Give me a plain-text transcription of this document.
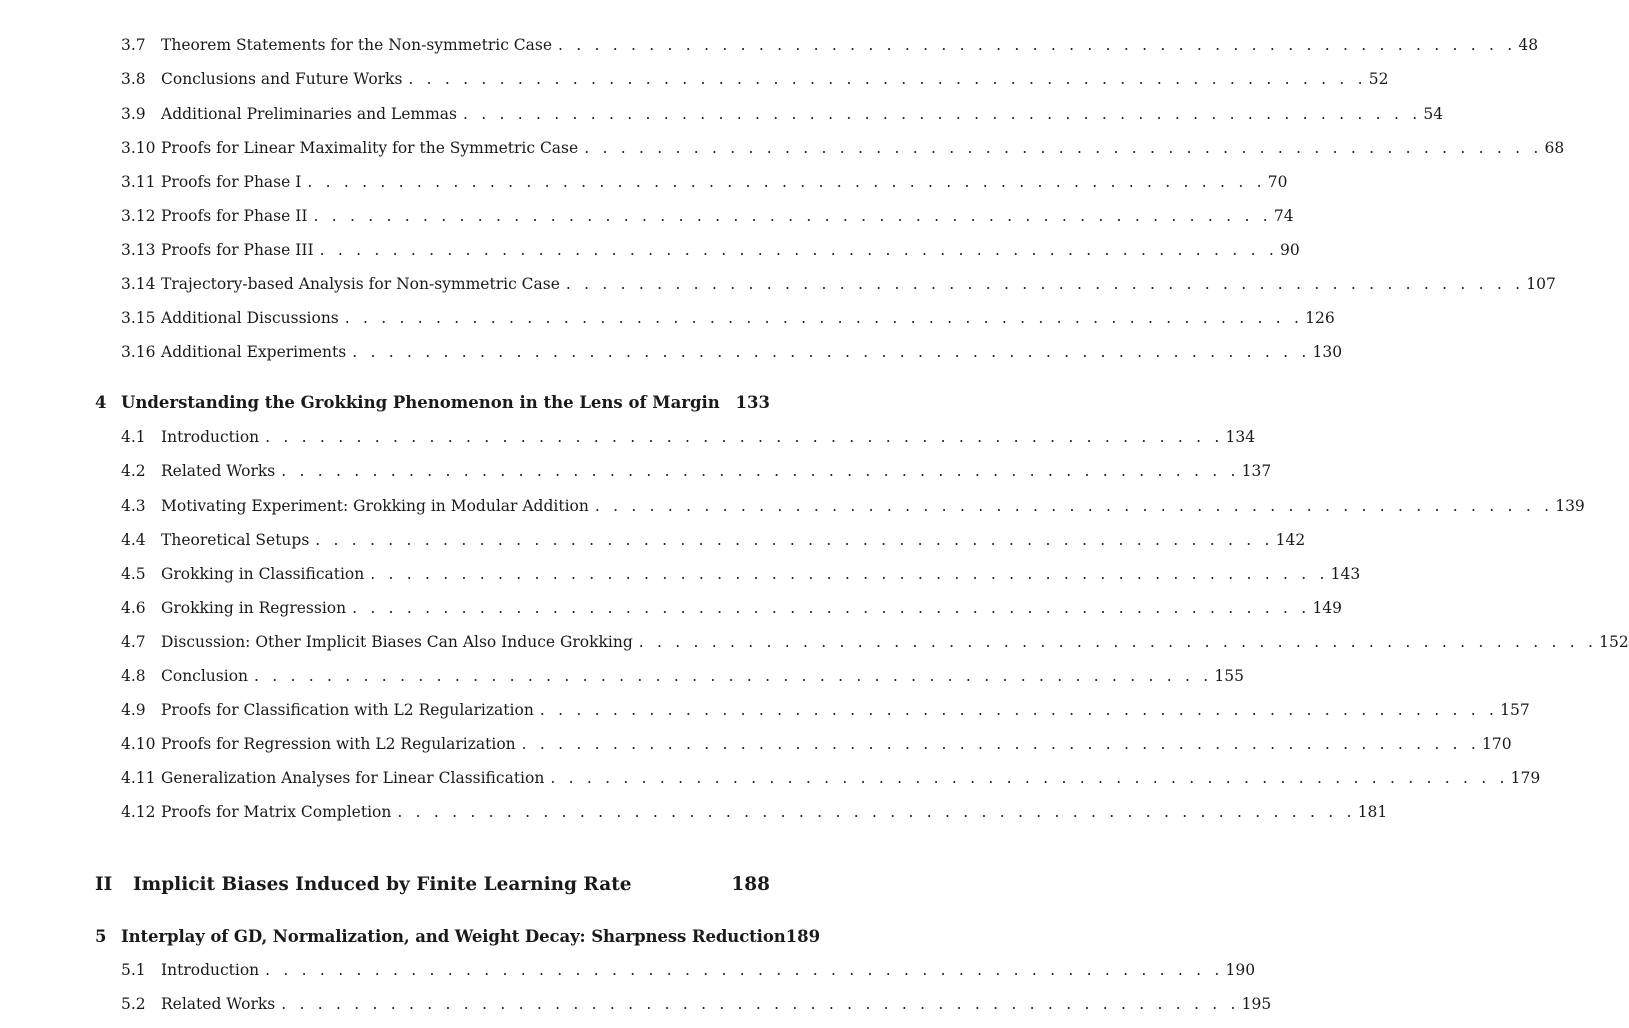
3.7 Theorem Statements for the Non-symmetric Case . . . . . . . . . . . . . . . . . . . . . . . . . . . . . . . . . . . . . . . . . . . . . . . . . . . . . 48
3.8 Conclusions and Future Works . . . . . . . . . . . . . . . . . . . . . . . . . . . . . . . . . . . . . . . . . . . . . . . . . . . . . 52
3.9 Additional Preliminaries and Lemmas . . . . . . . . . . . . . . . . . . . . . . . . . . . . . . . . . . . . . . . . . . . . . . . . . . . . . 54
3.10 Proofs for Linear Maximality for the Symmetric Case . . . . . . . . . . . . . . . . . . . . . . . . . . . . . . . . . . . . . . . . . . . . . . . . . . . . . 68
3.11 Proofs for Phase I . . . . . . . . . . . . . . . . . . . . . . . . . . . . . . . . . . . . . . . . . . . . . . . . . . . . . 70
3.12 Proofs for Phase II . . . . . . . . . . . . . . . . . . . . . . . . . . . . . . . . . . . . . . . . . . . . . . . . . . . . . 74
3.13 Proofs for Phase III . . . . . . . . . . . . . . . . . . . . . . . . . . . . . . . . . . . . . . . . . . . . . . . . . . . . . 90
3.14 Trajectory-based Analysis for Non-symmetric Case . . . . . . . . . . . . . . . . . . . . . . . . . . . . . . . . . . . . . . . . . . . . . . . . . . . . . 107
3.15 Additional Discussions . . . . . . . . . . . . . . . . . . . . . . . . . . . . . . . . . . . . . . . . . . . . . . . . . . . . . 126
3.16 Additional Experiments . . . . . . . . . . . . . . . . . . . . . . . . . . . . . . . . . . . . . . . . . . . . . . . . . . . . . 130
4 Understanding the Grokking Phenomenon in the Lens of Margin 133
4.1 Introduction . . . . . . . . . . . . . . . . . . . . . . . . . . . . . . . . . . . . . . . . . . . . . . . . . . . . . 134
4.2 Related Works . . . . . . . . . . . . . . . . . . . . . . . . . . . . . . . . . . . . . . . . . . . . . . . . . . . . . 137
4.3 Motivating Experiment: Grokking in Modular Addition . . . . . . . . . . . . . . . . . . . . . . . . . . . . . . . . . . . . . . . . . . . . . . . . . . . . . 139
4.4 Theoretical Setups . . . . . . . . . . . . . . . . . . . . . . . . . . . . . . . . . . . . . . . . . . . . . . . . . . . . . 142
4.5 Grokking in Classification . . . . . . . . . . . . . . . . . . . . . . . . . . . . . . . . . . . . . . . . . . . . . . . . . . . . . 143
4.6 Grokking in Regression . . . . . . . . . . . . . . . . . . . . . . . . . . . . . . . . . . . . . . . . . . . . . . . . . . . . . 149
4.7 Discussion: Other Implicit Biases Can Also Induce Grokking . . . . . . . . . . . . . . . . . . . . . . . . . . . . . . . . . . . . . . . . . . . . . . . . . . . . . 152
4.8 Conclusion . . . . . . . . . . . . . . . . . . . . . . . . . . . . . . . . . . . . . . . . . . . . . . . . . . . . . 155
4.9 Proofs for Classification with L2 Regularization . . . . . . . . . . . . . . . . . . . . . . . . . . . . . . . . . . . . . . . . . . . . . . . . . . . . . 157
4.10 Proofs for Regression with L2 Regularization . . . . . . . . . . . . . . . . . . . . . . . . . . . . . . . . . . . . . . . . . . . . . . . . . . . . . 170
4.11 Generalization Analyses for Linear Classification . . . . . . . . . . . . . . . . . . . . . . . . . . . . . . . . . . . . . . . . . . . . . . . . . . . . . 179
4.12 Proofs for Matrix Completion . . . . . . . . . . . . . . . . . . . . . . . . . . . . . . . . . . . . . . . . . . . . . . . . . . . . . 181
II	Implicit Biases Induced by Finite Learning Rate	188
5 Interplay of GD, Normalization, and Weight Decay: Sharpness Reduction 189
5.1 Introduction . . . . . . . . . . . . . . . . . . . . . . . . . . . . . . . . . . . . . . . . . . . . . . . . . . . . . 190
5.2 Related Works . . . . . . . . . . . . . . . . . . . . . . . . . . . . . . . . . . . . . . . . . . . . . . . . . . . . . 195
